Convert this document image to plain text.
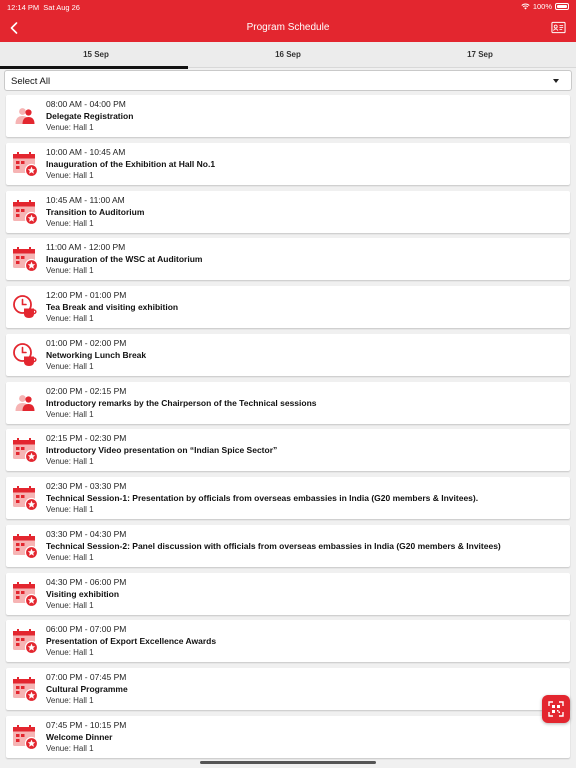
12:14 PM Sat Aug 26	100%
Program Schedule
15 Sep	16 Sep	17 Sep
Select All
08:00 AM - 04:00 PM
Delegate Registration
Venue: Hall 1
10:00 AM - 10:45 AM
Inauguration of the Exhibition at Hall No.1
Venue: Hall 1
10:45 AM - 11:00 AM
Transition to Auditorium
Venue: Hall 1
11:00 AM - 12:00 PM
Inauguration of the WSC at Auditorium
Venue: Hall 1
12:00 PM - 01:00 PM
Tea Break and visiting exhibition
Venue: Hall 1
01:00 PM - 02:00 PM
Networking Lunch Break
Venue: Hall 1
02:00 PM - 02:15 PM
Introductory remarks by the Chairperson of the Technical sessions
Venue: Hall 1
02:15 PM - 02:30 PM
Introductory Video presentation on “Indian Spice Sector”
Venue: Hall 1
02:30 PM - 03:30 PM
Technical Session-1: Presentation by officials from overseas embassies in India (G20 members & Invitees).
Venue: Hall 1
03:30 PM - 04:30 PM
Technical Session-2: Panel discussion with officials from overseas embassies in India (G20 members & Invitees)
Venue: Hall 1
04:30 PM - 06:00 PM
Visiting exhibition
Venue: Hall 1
06:00 PM - 07:00 PM
Presentation of Export Excellence Awards
Venue: Hall 1
07:00 PM - 07:45 PM
Cultural Programme
Venue: Hall 1
07:45 PM - 10:15 PM
Welcome Dinner
Venue: Hall 1
